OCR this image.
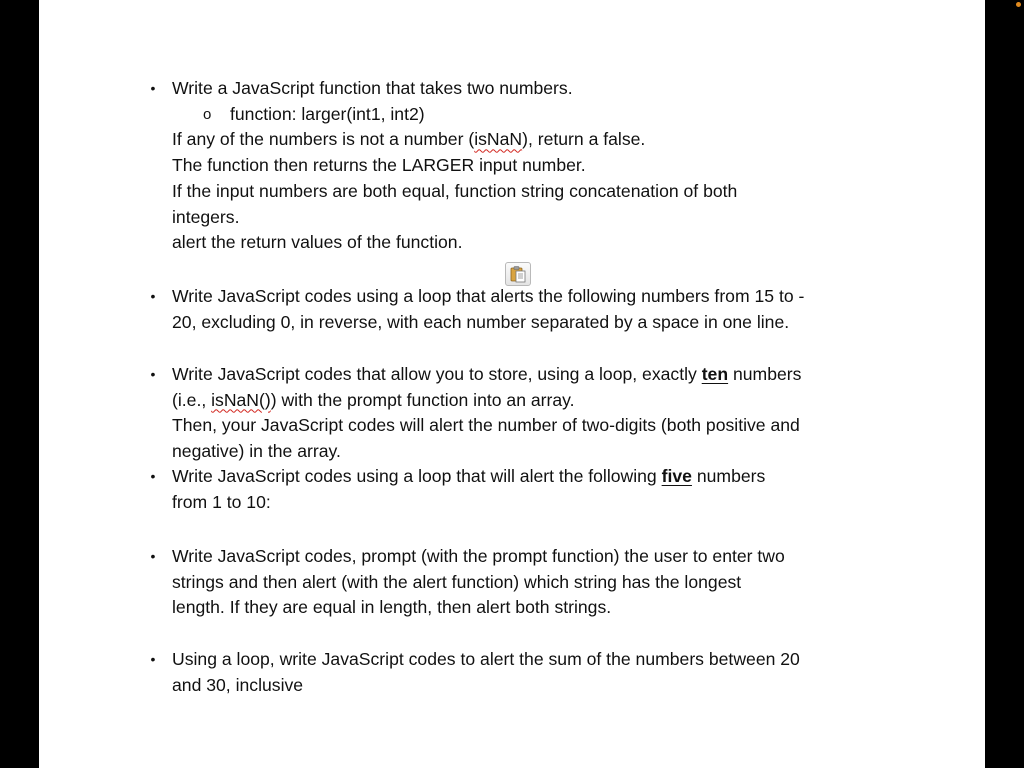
• Write a JavaScript function that takes two numbers.
o function: larger(int1, int2)
If any of the numbers is not a number (isNaN), return a false.
The function then returns the LARGER input number.
If the input numbers are both equal, function string concatenation of both
integers.
alert the return values of the function.
• Write JavaScript codes using a loop that alerts the following numbers from 15 to -
20, excluding 0, in reverse, with each number separated by a space in one line.
• Write JavaScript codes that allow you to store, using a loop, exactly ten numbers
(i.e., isNaN()) with the prompt function into an array.
Then, your JavaScript codes will alert the number of two-digits (both positive and
negative) in the array.
• Write JavaScript codes using a loop that will alert the following five numbers
from 1 to 10:
• Write JavaScript codes, prompt (with the prompt function) the user to enter two
strings and then alert (with the alert function) which string has the longest
length. If they are equal in length, then alert both strings.
• Using a loop, write JavaScript codes to alert the sum of the numbers between 20
and 30, inclusive
